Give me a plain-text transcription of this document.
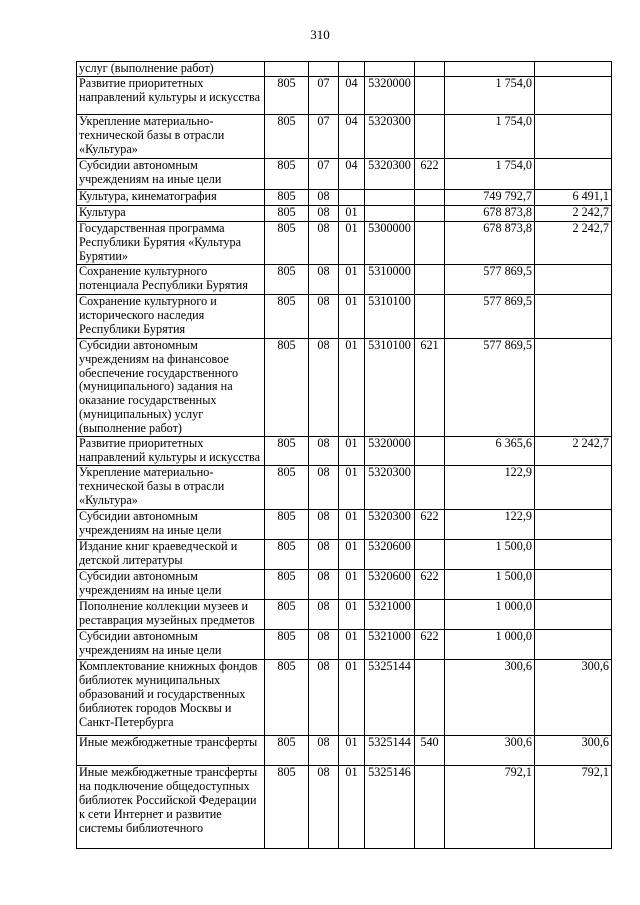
310
услуг (выполнение работ)							
Развитие приоритетных направлений культуры и искусства	805	07	04	5320000		1 754,0	
Укрепление материально-технической базы в отрасли «Культура»	805	07	04	5320300		1 754,0	
Субсидии автономным учреждениям на иные цели	805	07	04	5320300	622	1 754,0	
Культура, кинематография	805	08				749 792,7	6 491,1
Культура	805	08	01			678 873,8	2 242,7
Государственная программа Республики Бурятия «Культура Бурятии»	805	08	01	5300000		678 873,8	2 242,7
Сохранение культурного потенциала Республики Бурятия	805	08	01	5310000		577 869,5	
Сохранение культурного и исторического наследия Республики Бурятия	805	08	01	5310100		577 869,5	
Субсидии автономным учреждениям на финансовое обеспечение государственного (муниципального) задания на оказание государственных (муниципальных) услуг (выполнение работ)	805	08	01	5310100	621	577 869,5	
Развитие приоритетных направлений культуры и искусства	805	08	01	5320000		6 365,6	2 242,7
Укрепление материально-технической базы в отрасли «Культура»	805	08	01	5320300		122,9	
Субсидии автономным учреждениям на иные цели	805	08	01	5320300	622	122,9	
Издание книг краеведческой и детской литературы	805	08	01	5320600		1 500,0	
Субсидии автономным учреждениям на иные цели	805	08	01	5320600	622	1 500,0	
Пополнение коллекции музеев и реставрация музейных предметов	805	08	01	5321000		1 000,0	
Субсидии автономным учреждениям на иные цели	805	08	01	5321000	622	1 000,0	
Комплектование книжных фондов библиотек муниципальных образований и государственных библиотек городов Москвы и Санкт-Петербурга	805	08	01	5325144		300,6	300,6
Иные межбюджетные трансферты	805	08	01	5325144	540	300,6	300,6
Иные межбюджетные трансферты на подключение общедоступных библиотек Российской Федерации к сети Интернет и развитие системы библиотечного	805	08	01	5325146		792,1	792,1
